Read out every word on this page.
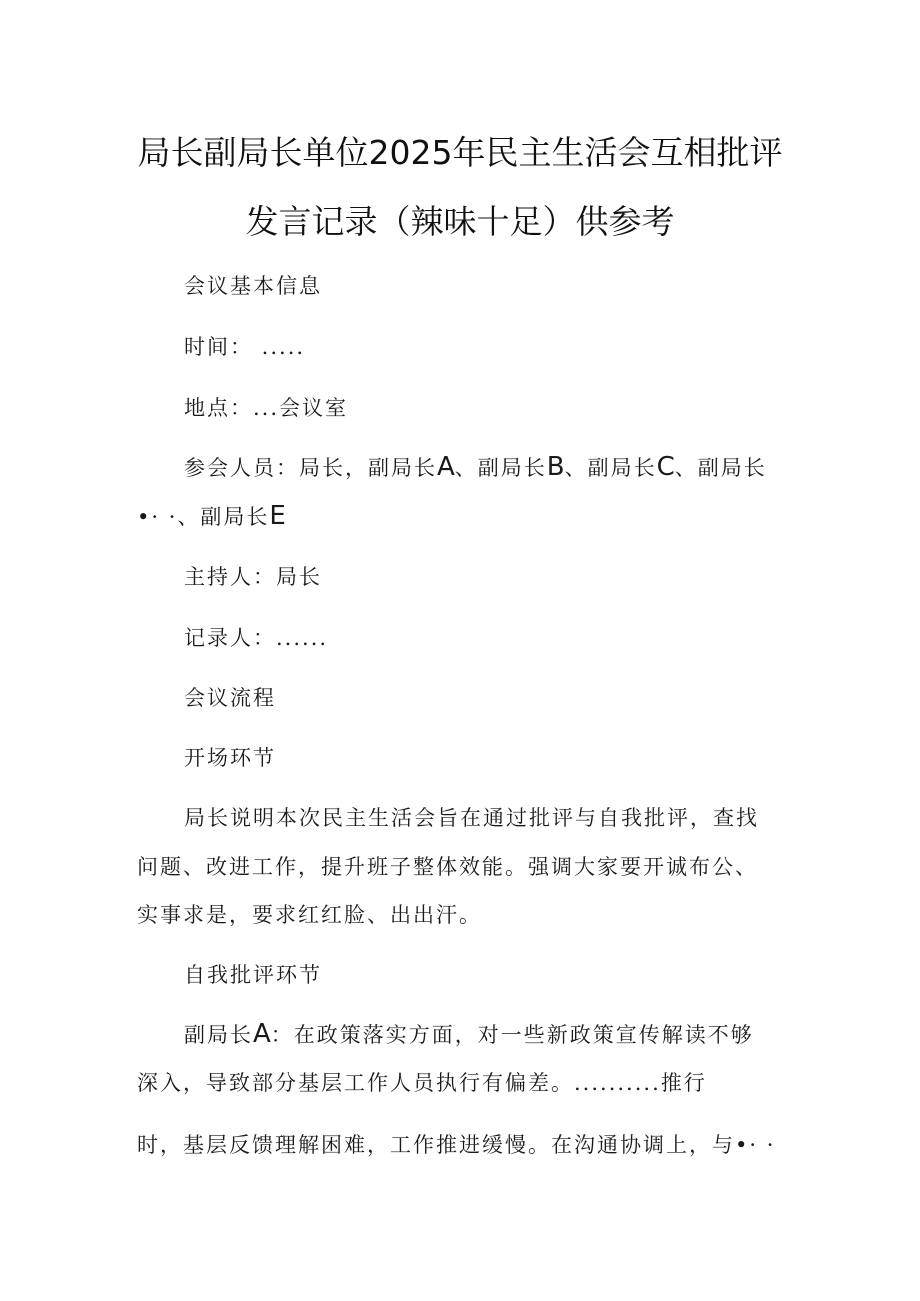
局长副局长单位2025年民主生活会互相批评
发言记录（辣味十足）供参考
会议基本信息
时间： .....
地点：...会议室
参会人员：局长，副局长A、副局长B、副局长C、副局长
•· ·、副局长E
主持人：局长
记录人：......
会议流程
开场环节
局长说明本次民主生活会旨在通过批评与自我批评，查找
问题、改进工作，提升班子整体效能。强调大家要开诚布公、
实事求是，要求红红脸、出出汗。
自我批评环节
副局长A：在政策落实方面，对一些新政策宣传解读不够
深入，导致部分基层工作人员执行有偏差。..........推行
时，基层反馈理解困难，工作推进缓慢。在沟通协调上，与•· ·
